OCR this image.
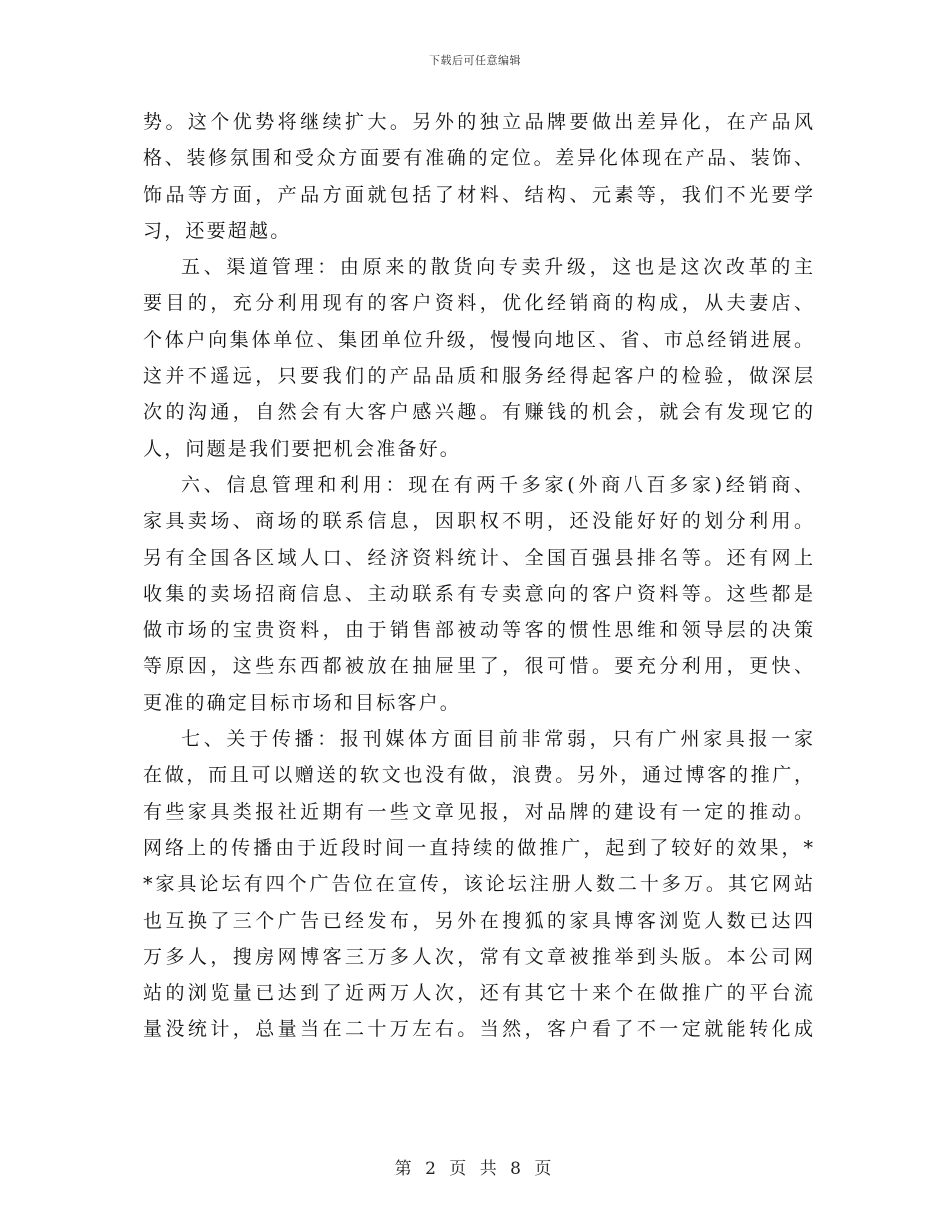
下载后可任意编辑
势。这个优势将继续扩大。另外的独立品牌要做出差异化，在产品风
格、装修氛围和受众方面要有准确的定位。差异化体现在产品、装饰、
饰品等方面，产品方面就包括了材料、结构、元素等，我们不光要学
习，还要超越。
五、渠道管理：由原来的散货向专卖升级，这也是这次改革的主
要目的，充分利用现有的客户资料，优化经销商的构成，从夫妻店、
个体户向集体单位、集团单位升级，慢慢向地区、省、市总经销进展。
这并不遥远，只要我们的产品品质和服务经得起客户的检验，做深层
次的沟通，自然会有大客户感兴趣。有赚钱的机会，就会有发现它的
人，问题是我们要把机会准备好。
六、信息管理和利用：现在有两千多家(外商八百多家)经销商、
家具卖场、商场的联系信息，因职权不明，还没能好好的划分利用。
另有全国各区域人口、经济资料统计、全国百强县排名等。还有网上
收集的卖场招商信息、主动联系有专卖意向的客户资料等。这些都是
做市场的宝贵资料，由于销售部被动等客的惯性思维和领导层的决策
等原因，这些东西都被放在抽屉里了，很可惜。要充分利用，更快、
更准的确定目标市场和目标客户。
七、关于传播：报刊媒体方面目前非常弱，只有广州家具报一家
在做，而且可以赠送的软文也没有做，浪费。另外，通过博客的推广，
有些家具类报社近期有一些文章见报，对品牌的建设有一定的推动。
网络上的传播由于近段时间一直持续的做推广，起到了较好的效果，*
*家具论坛有四个广告位在宣传，该论坛注册人数二十多万。其它网站
也互换了三个广告已经发布，另外在搜狐的家具博客浏览人数已达四
万多人，搜房网博客三万多人次，常有文章被推举到头版。本公司网
站的浏览量已达到了近两万人次，还有其它十来个在做推广的平台流
量没统计，总量当在二十万左右。当然，客户看了不一定就能转化成
第 2 页 共 8 页
